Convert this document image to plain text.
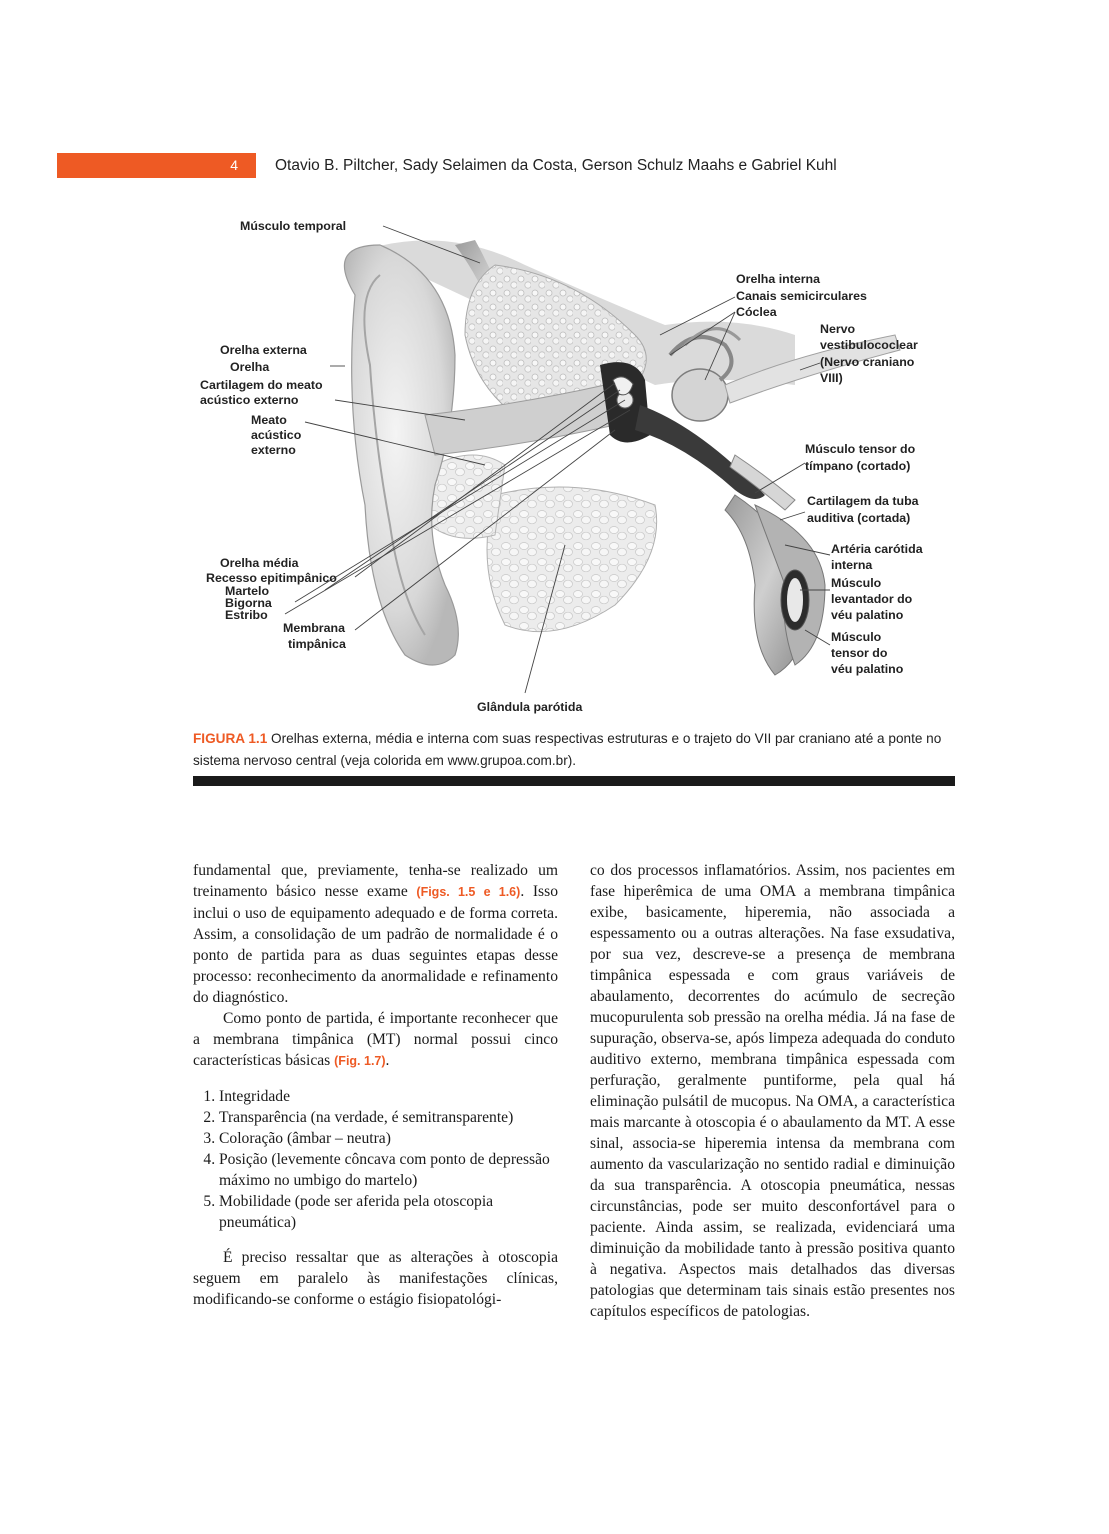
4	Otavio B. Piltcher, Sady Selaimen da Costa, Gerson Schulz Maahs e Gabriel Kuhl
Músculo temporal
Orelha interna
Canais semicirculares
Cóclea
Nervo
vestibulococlear
(Nervo craniano
VIII)
Orelha externa
Orelha
Cartilagem do meato
acústico externo
Meato
acústico
externo	Músculo tensor do
tímpano (cortado)
Cartilagem da tuba
auditiva (cortada)
Artéria carótida
interna
Músculo
levantador do
véu palatino
Orelha média
Recesso epitimpânico
Martelo
Bigorna
Estribo
Membrana
timpânica	Músculo
tensor do
véu palatino
Glândula parótida
FIGURA 1.1 Orelhas externa, média e interna com suas respectivas estruturas e o trajeto do VII par craniano até a ponte no sistema nervoso central (veja colorida em www.grupoa.com.br).

fundamental que, previamente, tenha-se realizado um treinamento básico nesse exame (Figs. 1.5 e 1.6). Isso inclui o uso de equipamento adequado e de forma correta. Assim, a consolidação de um padrão de normalidade é o ponto de partida para as duas seguintes etapas desse processo: reconhecimento da anormalidade e refinamento do diagnóstico.

Como ponto de partida, é importante reconhecer que a membrana timpânica (MT) normal possui cinco características básicas (Fig. 1.7).

1. Integridade
2. Transparência (na verdade, é semitransparente)
3. Coloração (âmbar – neutra)
4. Posição (levemente côncava com ponto de depressão máximo no umbigo do martelo)
5. Mobilidade (pode ser aferida pela otoscopia pneumática)

É preciso ressaltar que as alterações à otoscopia seguem em paralelo às manifestações clínicas, modificando-se conforme o estágio fisiopatológi-

co dos processos inflamatórios. Assim, nos pacientes em fase hiperêmica de uma OMA a membrana timpânica exibe, basicamente, hiperemia, não associada a espessamento ou a outras alterações. Na fase exsudativa, por sua vez, descreve-se a presença de membrana timpânica espessada e com graus variáveis de abaulamento, decorrentes do acúmulo de secreção mucopurulenta sob pressão na orelha média. Já na fase de supuração, observa-se, após limpeza adequada do conduto auditivo externo, membrana timpânica espessada com perfuração, geralmente puntiforme, pela qual há eliminação pulsátil de mucopus. Na OMA, a característica mais marcante à otoscopia é o abaulamento da MT. A esse sinal, associa-se hiperemia intensa da membrana com aumento da vascularização no sentido radial e diminuição da sua transparência. A otoscopia pneumática, nessas circunstâncias, pode ser muito desconfortável para o paciente. Ainda assim, se realizada, evidenciará uma diminuição da mobilidade tanto à pressão positiva quanto à negativa. Aspectos mais detalhados das diversas patologias que determinam tais sinais estão presentes nos capítulos específicos de patologias.
